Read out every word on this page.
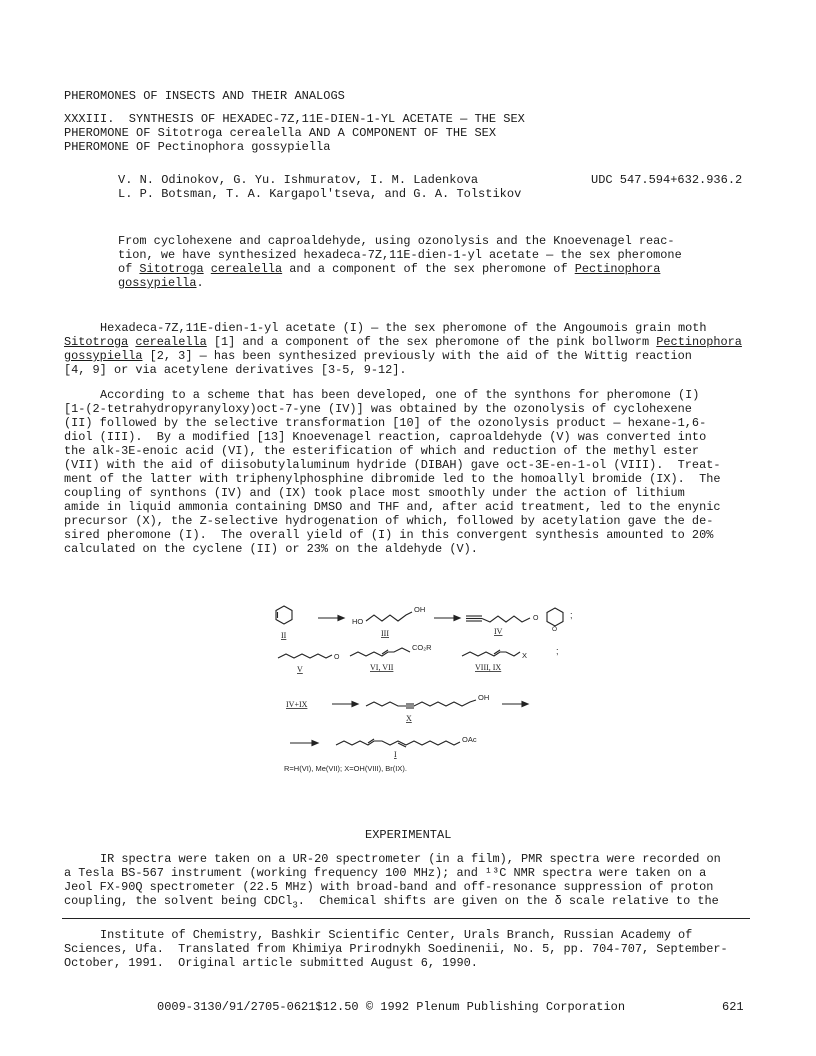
PHEROMONES OF INSECTS AND THEIR ANALOGS
XXXIII.  SYNTHESIS OF HEXADEC-7Z,11E-DIEN-1-YL ACETATE — THE SEX
PHEROMONE OF Sitotroga cerealella AND A COMPONENT OF THE SEX
PHEROMONE OF Pectinophora gossypiella
V. N. Odinokov, G. Yu. Ishmuratov, I. M. Ladenkova
L. P. Botsman, T. A. Kargapol'tseva, and G. A. Tolstikov
UDC 547.594+632.936.2
From cyclohexene and caproaldehyde, using ozonolysis and the Knoevenagel reac-
tion, we have synthesized hexadeca-7Z,11E-dien-1-yl acetate — the sex pheromone
of Sitotroga cerealella and a component of the sex pheromone of Pectinophora
gossypiella.
Hexadeca-7Z,11E-dien-1-yl acetate (I) — the sex pheromone of the Angoumois grain moth
Sitotroga cerealella [1] and a component of the sex pheromone of the pink bollworm Pectinophora
gossypiella [2, 3] — has been synthesized previously with the aid of the Wittig reaction
[4, 9] or via acetylene derivatives [3-5, 9-12].
According to a scheme that has been developed, one of the synthons for pheromone (I)
[1-(2-tetrahydropyranyloxy)oct-7-yne (IV)] was obtained by the ozonolysis of cyclohexene
(II) followed by the selective transformation [10] of the ozonolysis product — hexane-1,6-
diol (III).  By a modified [13] Knoevenagel reaction, caproaldehyde (V) was converted into
the alk-3E-enoic acid (VI), the esterification of which and reduction of the methyl ester
(VII) with the aid of diisobutylaluminum hydride (DIBAH) gave oct-3E-en-1-ol (VIII).  Treat-
ment of the latter with triphenylphosphine dibromide led to the homoallyl bromide (IX).  The
coupling of synthons (IV) and (IX) took place most smoothly under the action of lithium
amide in liquid ammonia containing DMSO and THF and, after acid treatment, led to the enynic
precursor (X), the Z-selective hydrogenation of which, followed by acetylation gave the de-
sired pheromone (I).  The overall yield of (I) in this convergent synthesis amounted to 20%
calculated on the cyclene (II) or 23% on the aldehyde (V).
II
HO
OH
III
O
O
;
IV
O
V
CO₂R
VI, VII
X	;
VIII, IX
IV+IX
OH
X
OAc
I
R=H(VI), Me(VII); X=OH(VIII), Br(IX).
EXPERIMENTAL
IR spectra were taken on a UR-20 spectrometer (in a film), PMR spectra were recorded on
a Tesla BS-567 instrument (working frequency 100 MHz); and ¹³C NMR spectra were taken on a
Jeol FX-90Q spectrometer (22.5 MHz) with broad-band and off-resonance suppression of proton
coupling, the solvent being CDCl$_3$.  Chemical shifts are given on the δ scale relative to the
Institute of Chemistry, Bashkir Scientific Center, Urals Branch, Russian Academy of
Sciences, Ufa.  Translated from Khimiya Prirodnykh Soedinenii, No. 5, pp. 704-707, September-
October, 1991.  Original article submitted August 6, 1990.
0009-3130/91/2705-0621$12.50 © 1992 Plenum Publishing Corporation	621
